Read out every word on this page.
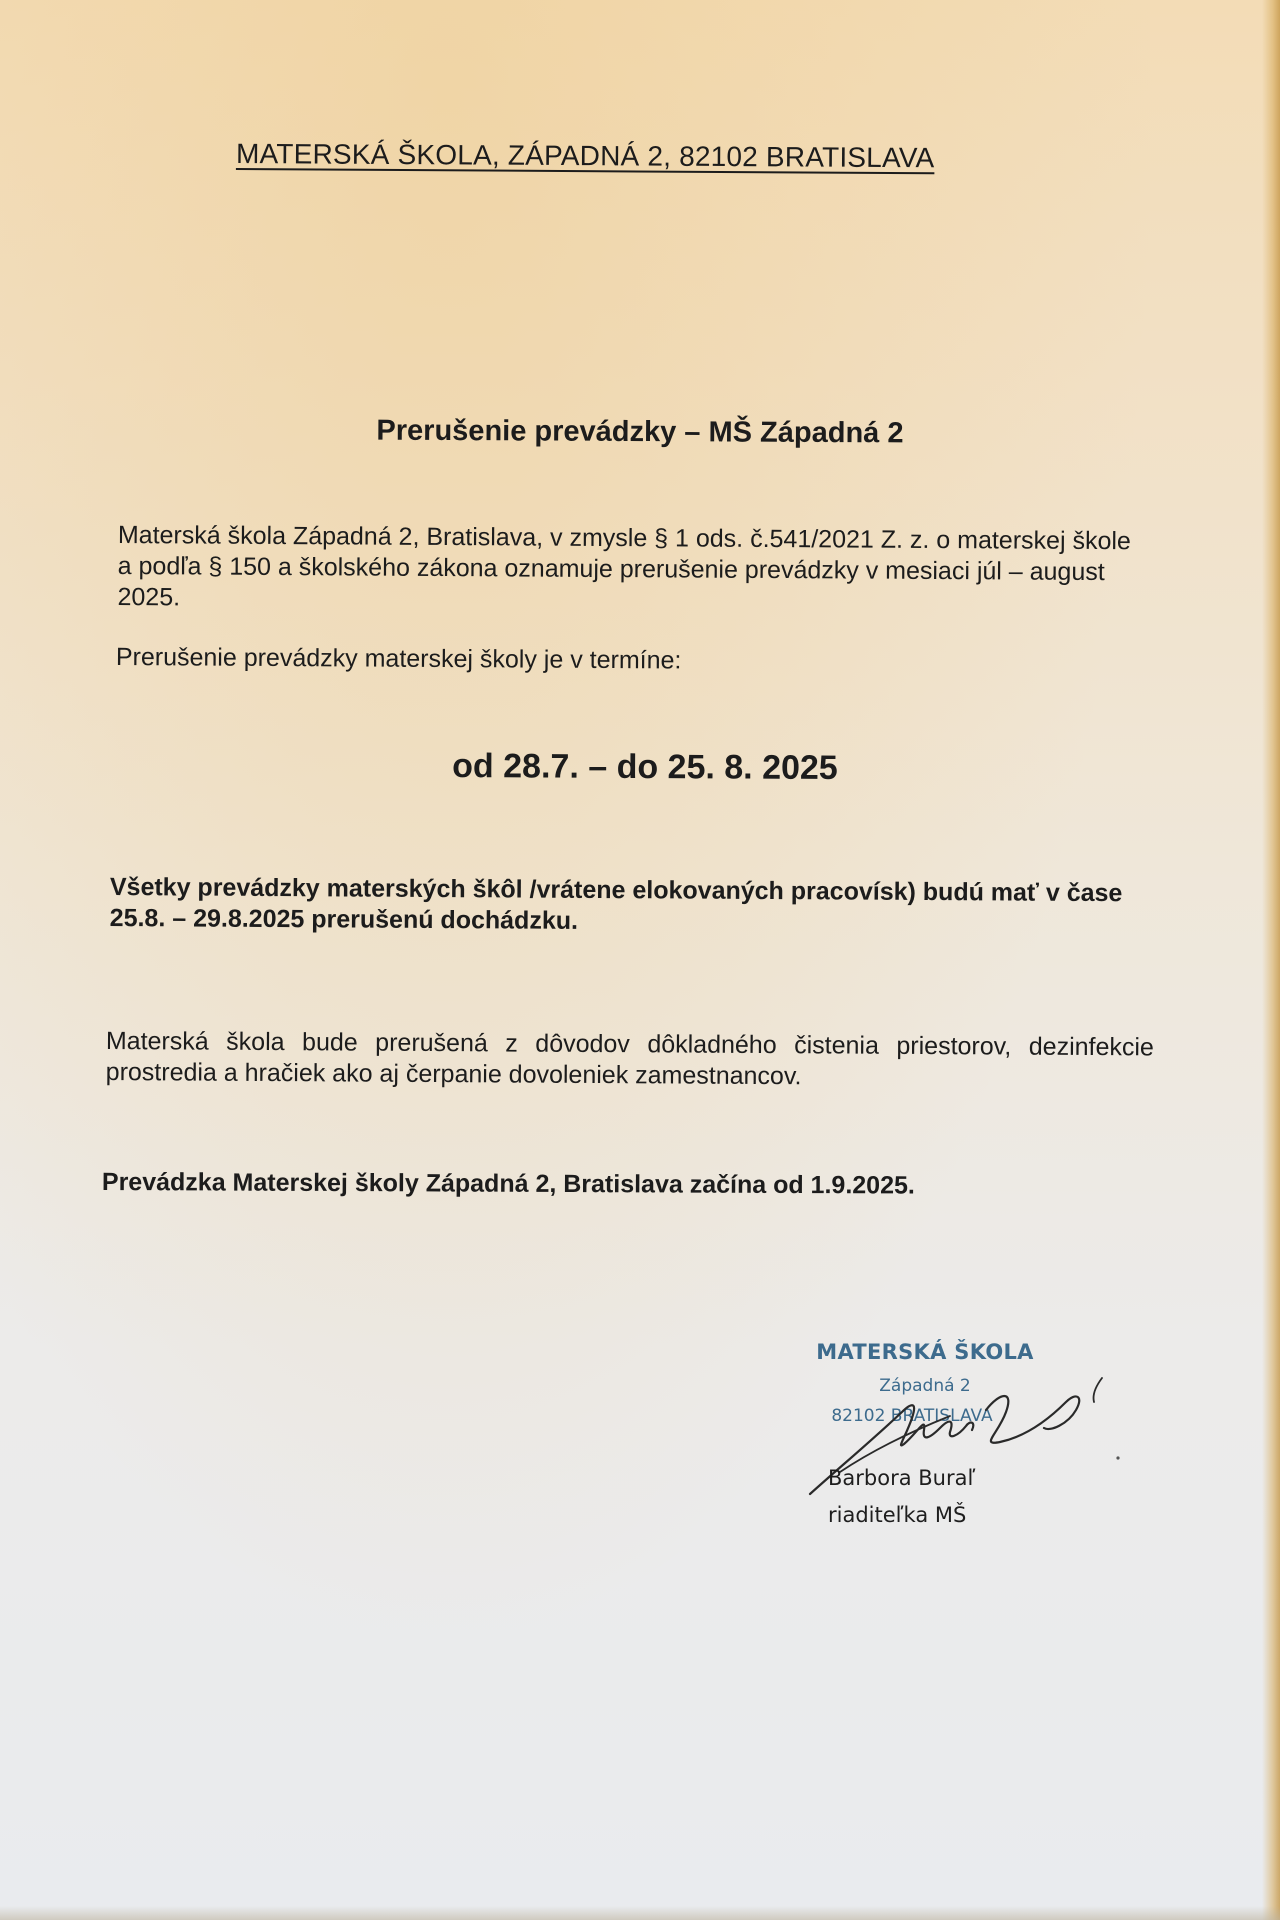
MATERSKÁ ŠKOLA, ZÁPADNÁ 2, 82102 BRATISLAVA
Prerušenie prevádzky – MŠ Západná 2
Materská škola Západná 2, Bratislava, v zmysle § 1 ods. č.541/2021 Z. z. o materskej škole a podľa § 150 a školského zákona oznamuje prerušenie prevádzky v mesiaci júl – august 2025.
Prerušenie prevádzky materskej školy je v termíne:
od 28.7. – do 25. 8. 2025
Všetky prevádzky materských škôl /vrátene elokovaných pracovísk) budú mať v čase 25.8. – 29.8.2025 prerušenú dochádzku.
Materská škola bude prerušená z dôvodov dôkladného čistenia priestorov, dezinfekcie prostredia a hračiek ako aj čerpanie dovoleniek zamestnancov.
Prevádzka Materskej školy Západná 2, Bratislava začína od 1.9.2025.
MATERSKÁ ŠKOLA
Západná 2
82102 BRATISLAVA
Barbora Buraľ
riaditeľka MŠ
